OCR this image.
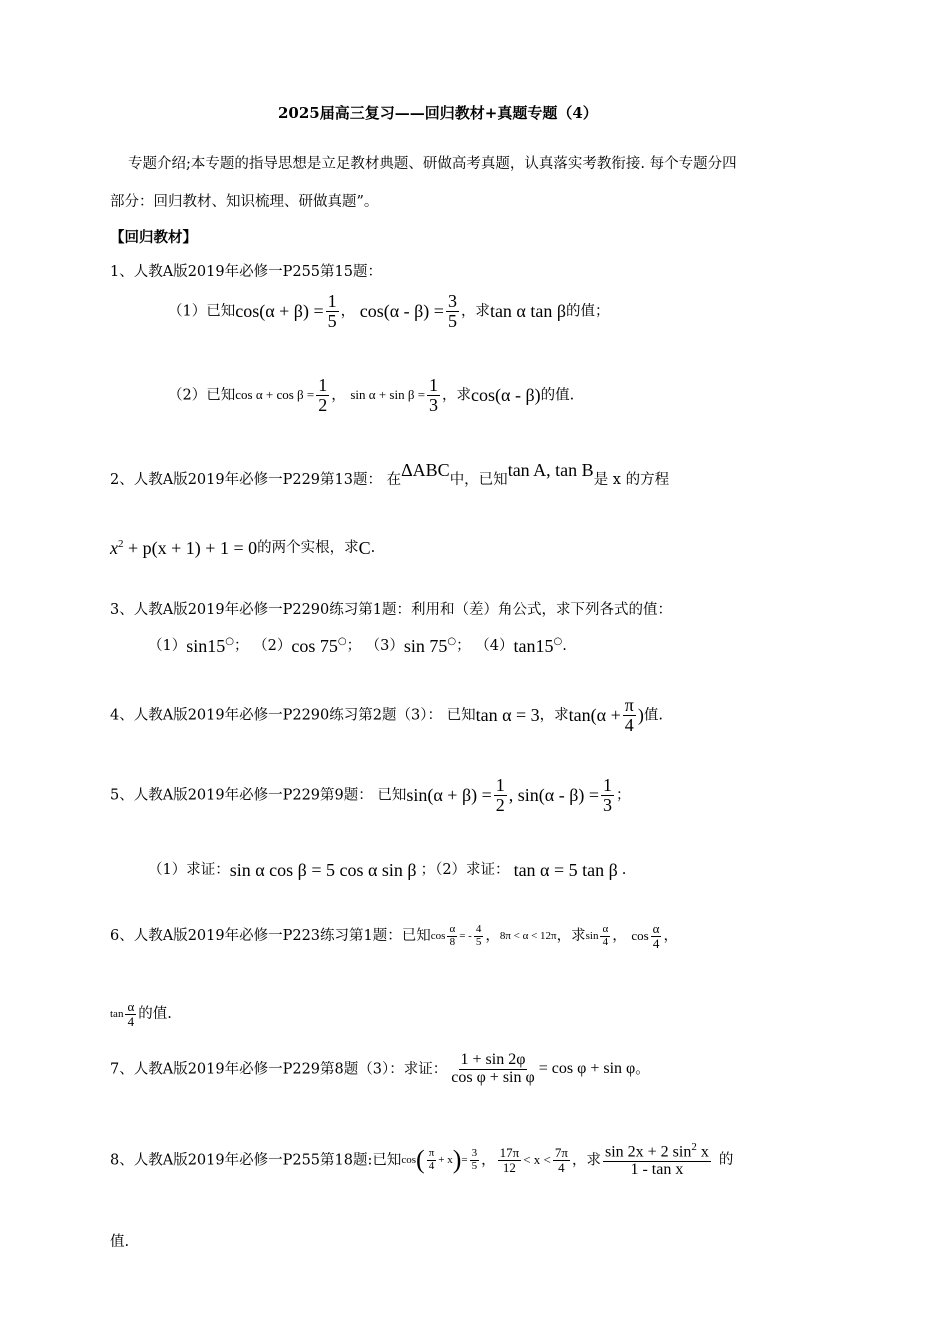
2025届高三复习——回归教材+真题专题（4）
专题介绍;本专题的指导思想是立足教材典题、研做高考真题，认真落实考教衔接. 每个专题分四
部分：回归教材、知识梳理、研做真题”。
【回归教材】
1、人教A版2019年必修一P255第15题：
（1）已知$\cos(\alpha + \beta) = \frac{1}{5}$ ， $\cos(\alpha - \beta) = \frac{3}{5}$ ，求tan α tan β的值；
（2）已知$\cos \alpha + \cos \beta = \frac{1}{2}$ ， $\sin \alpha + \sin \beta = \frac{1}{3}$ ，求cos(α - β)的值.
2、人教A版2019年必修一P229第13题： 在ΔABC中，已知tan A, tan B是 x 的方程
$x^2 + p(x + 1) + 1 = 0$的两个实根，求C.
3、人教A版2019年必修一P2290练习第1题：利用和（差）角公式，求下列各式的值：
（1）sin15○； （2）cos 75○； （3）sin 75○； （4）tan15○.
4、人教A版2019年必修一P2290练习第2题（3）： 已知tan α = 3，求$\tan(\alpha + \frac{\pi}{4}$ )值.
5、人教A版2019年必修一P229第9题： 已知$\sin(\alpha + \beta) = \frac{1}{2}$ , $\sin(\alpha - \beta) = \frac{1}{3}$ ；
（1）求证：sin α cos β = 5 cos α sin β ；（2）求证： tan α = 5 tan β .
6、人教A版2019年必修一P223练习第1题：已知$\cos \frac{\alpha}{8}$ = - $\frac{4}{5}$ ，8π < α < 12π，求$\sin \frac{\alpha}{4}$ ， $\cos \frac{\alpha}{4}$ ，
$\tan \frac{\alpha}{4}$ 的值.
7、人教A版2019年必修一P229第8题（3）：求证： $\frac{1 + \sin 2\varphi}{\text{cos φ + sin φ}} = \cos \varphi + \sin \varphi$。
8、人教A版2019年必修一P255第18题:已知$\cos( \frac{\pi}{4} + x)= \frac{3}{5}$ ， $\frac{17\pi}{12} < x < \frac{7\pi}{4}$ ，求 $\frac{\sin 2x + 2 \sin^2 x}{\text{1 - tan x}}$ 的
值.
